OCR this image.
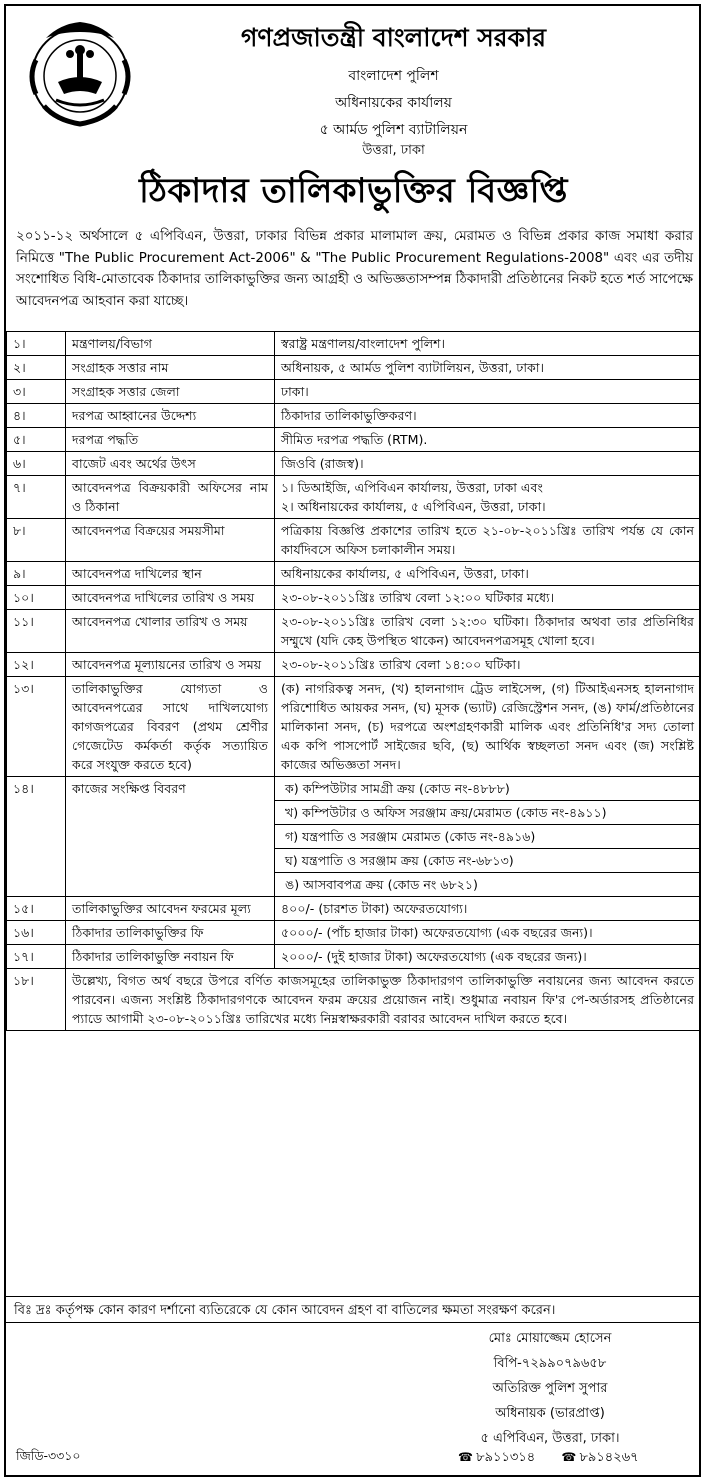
গণপ্রজাতন্ত্রী বাংলাদেশ সরকার
বাংলাদেশ পুলিশ
অধিনায়কের কার্যালয়
৫ আর্মড পুলিশ ব্যাটালিয়ন
উত্তরা, ঢাকা
ঠিকাদার তালিকাভুক্তির বিজ্ঞপ্তি
২০১১-১২ অর্থসালে ৫ এপিবিএন, উত্তরা, ঢাকার বিভিন্ন প্রকার মালামাল ক্রয়, মেরামত ও বিভিন্ন প্রকার কাজ সমাধা করার নিমিত্তে "The Public Procurement Act-2006" & "The Public Procurement Regulations-2008" এবং এর তদীয় সংশোধিত বিধি-মোতাবেক ঠিকাদার তালিকাভুক্তির জন্য আগ্রহী ও অভিজ্ঞতাসম্পন্ন ঠিকাদারী প্রতিষ্ঠানের নিকট হতে শর্ত সাপেক্ষে আবেদনপত্র আহবান করা যাচ্ছে।
১।	মন্ত্রণালয়/বিভাগ	স্বরাষ্ট্র মন্ত্রণালয়/বাংলাদেশ পুলিশ।
২।	সংগ্রাহক সত্তার নাম	অধিনায়ক, ৫ আর্মড পুলিশ ব্যাটালিয়ন, উত্তরা, ঢাকা।
৩।	সংগ্রাহক সত্তার জেলা	ঢাকা।
৪।	দরপত্র আহ্বানের উদ্দেশ্য	ঠিকাদার তালিকাভুক্তিকরণ।
৫।	দরপত্র পদ্ধতি	সীমিত দরপত্র পদ্ধতি (RTM).
৬।	বাজেট এবং অর্থের উৎস	জিওবি (রাজস্ব)।
৭।	আবেদনপত্র বিক্রয়কারী অফিসের নাম ও ঠিকানা	১। ডিআইজি, এপিবিএন কার্যালয়, উত্তরা, ঢাকা এবং
২। অধিনায়কের কার্যালয়, ৫ এপিবিএন, উত্তরা, ঢাকা।

৮।	আবেদনপত্র বিক্রয়ের সময়সীমা	পত্রিকায় বিজ্ঞপ্তি প্রকাশের তারিখ হতে ২১-০৮-২০১১খ্রিঃ তারিখ পর্যন্ত যে কোন কার্যদিবসে অফিস চলাকালীন সময়।
৯।	আবেদনপত্র দাখিলের স্থান	অধিনায়কের কার্যালয়, ৫ এপিবিএন, উত্তরা, ঢাকা।
১০।	আবেদনপত্র দাখিলের তারিখ ও সময়	২৩-০৮-২০১১খ্রিঃ তারিখ বেলা ১২:০০ ঘটিকার মধ্যে।
১১।	আবেদনপত্র খোলার তারিখ ও সময়	২৩-০৮-২০১১খ্রিঃ তারিখ বেলা ১২:৩০ ঘটিকা। ঠিকাদার অথবা তার প্রতিনিধির সম্মুখে (যদি কেহ উপস্থিত থাকেন) আবেদনপত্রসমূহ খোলা হবে।
১২।	আবেদনপত্র মূল্যায়নের তারিখ ও সময়	২৩-০৮-২০১১খ্রিঃ তারিখ বেলা ১৪:০০ ঘটিকা।
১৩।	তালিকাভুক্তির যোগ্যতা ও আবেদনপত্রের সাথে দাখিলযোগ্য কাগজপত্রের বিবরণ (প্রথম শ্রেণীর গেজেটেড কর্মকর্তা কর্তৃক সত্যায়িত করে সংযুক্ত করতে হবে)	(ক) নাগরিকত্ব সনদ, (খ) হালনাগাদ ট্রেড লাইসেন্স, (গ) টিআইএনসহ হালনাগাদ পরিশোধিত আয়কর সনদ, (ঘ) মূসক (ভ্যাট) রেজিস্ট্রেশন সনদ, (ঙ) ফার্ম/প্রতিষ্ঠানের মালিকানা সনদ, (চ) দরপত্রে অংশগ্রহণকারী মালিক এবং প্রতিনিধি'র সদ্য তোলা এক কপি পাসপোর্ট সাইজের ছবি, (ছ) আর্থিক স্বচ্ছলতা সনদ এবং (জ) সংশ্লিষ্ট কাজের অভিজ্ঞতা সনদ।
১৪।	কাজের সংক্ষিপ্ত বিবরণ	ক) কম্পিউটার সামগ্রী ক্রয় (কোড নং-৪৮৮৮)
খ) কম্পিউটার ও অফিস সরঞ্জাম ক্রয়/মেরামত (কোড নং-৪৯১১)
গ) যন্ত্রপাতি ও সরঞ্জাম মেরামত (কোড নং-৪৯১৬)
ঘ) যন্ত্রপাতি ও সরঞ্জাম ক্রয় (কোড নং-৬৮১৩)
ঙ) আসবাবপত্র ক্রয় (কোড নং ৬৮২১)

১৫।	তালিকাভুক্তির আবেদন ফরমের মূল্য	৪০০/- (চারশত টাকা) অফেরতযোগ্য।
১৬।	ঠিকাদার তালিকাভুক্তির ফি	৫০০০/- (পাঁচ হাজার টাকা) অফেরতযোগ্য (এক বছরের জন্য)।
১৭।	ঠিকাদার তালিকাভুক্তি নবায়ন ফি	২০০০/- (দুই হাজার টাকা) অফেরতযোগ্য (এক বছরের জন্য)।
১৮।	উল্লেখ্য, বিগত অর্থ বছরে উপরে বর্ণিত কাজসমূহের তালিকাভুক্ত ঠিকাদারগণ তালিকাভুক্তি নবায়নের জন্য আবেদন করতে পারবেন। এজন্য সংশ্লিষ্ট ঠিকাদারগণকে আবেদন ফরম ক্রয়ের প্রয়োজন নাই। শুধুমাত্র নবায়ন ফি'র পে-অর্ডারসহ প্রতিষ্ঠানের প্যাডে আগামী ২৩-০৮-২০১১খ্রিঃ তারিখের মধ্যে নিম্নস্বাক্ষরকারী বরাবর আবেদন দাখিল করতে হবে।	
বিঃ দ্রঃ কর্তৃপক্ষ কোন কারণ দর্শানো ব্যতিরেকে যে কোন আবেদন গ্রহণ বা বাতিলের ক্ষমতা সংরক্ষণ করেন।
মোঃ মোয়াজ্জেম হোসেন
বিপি-৭২৯৯০৭৯৬৫৮
অতিরিক্ত পুলিশ সুপার
অধিনায়ক (ভারপ্রাপ্ত)
৫ এপিবিএন, উত্তরা, ঢাকা।
জিডি-৩৩১০	☎ ৮৯১১৩১৪ ☎ ৮৯১৪২৬৭
